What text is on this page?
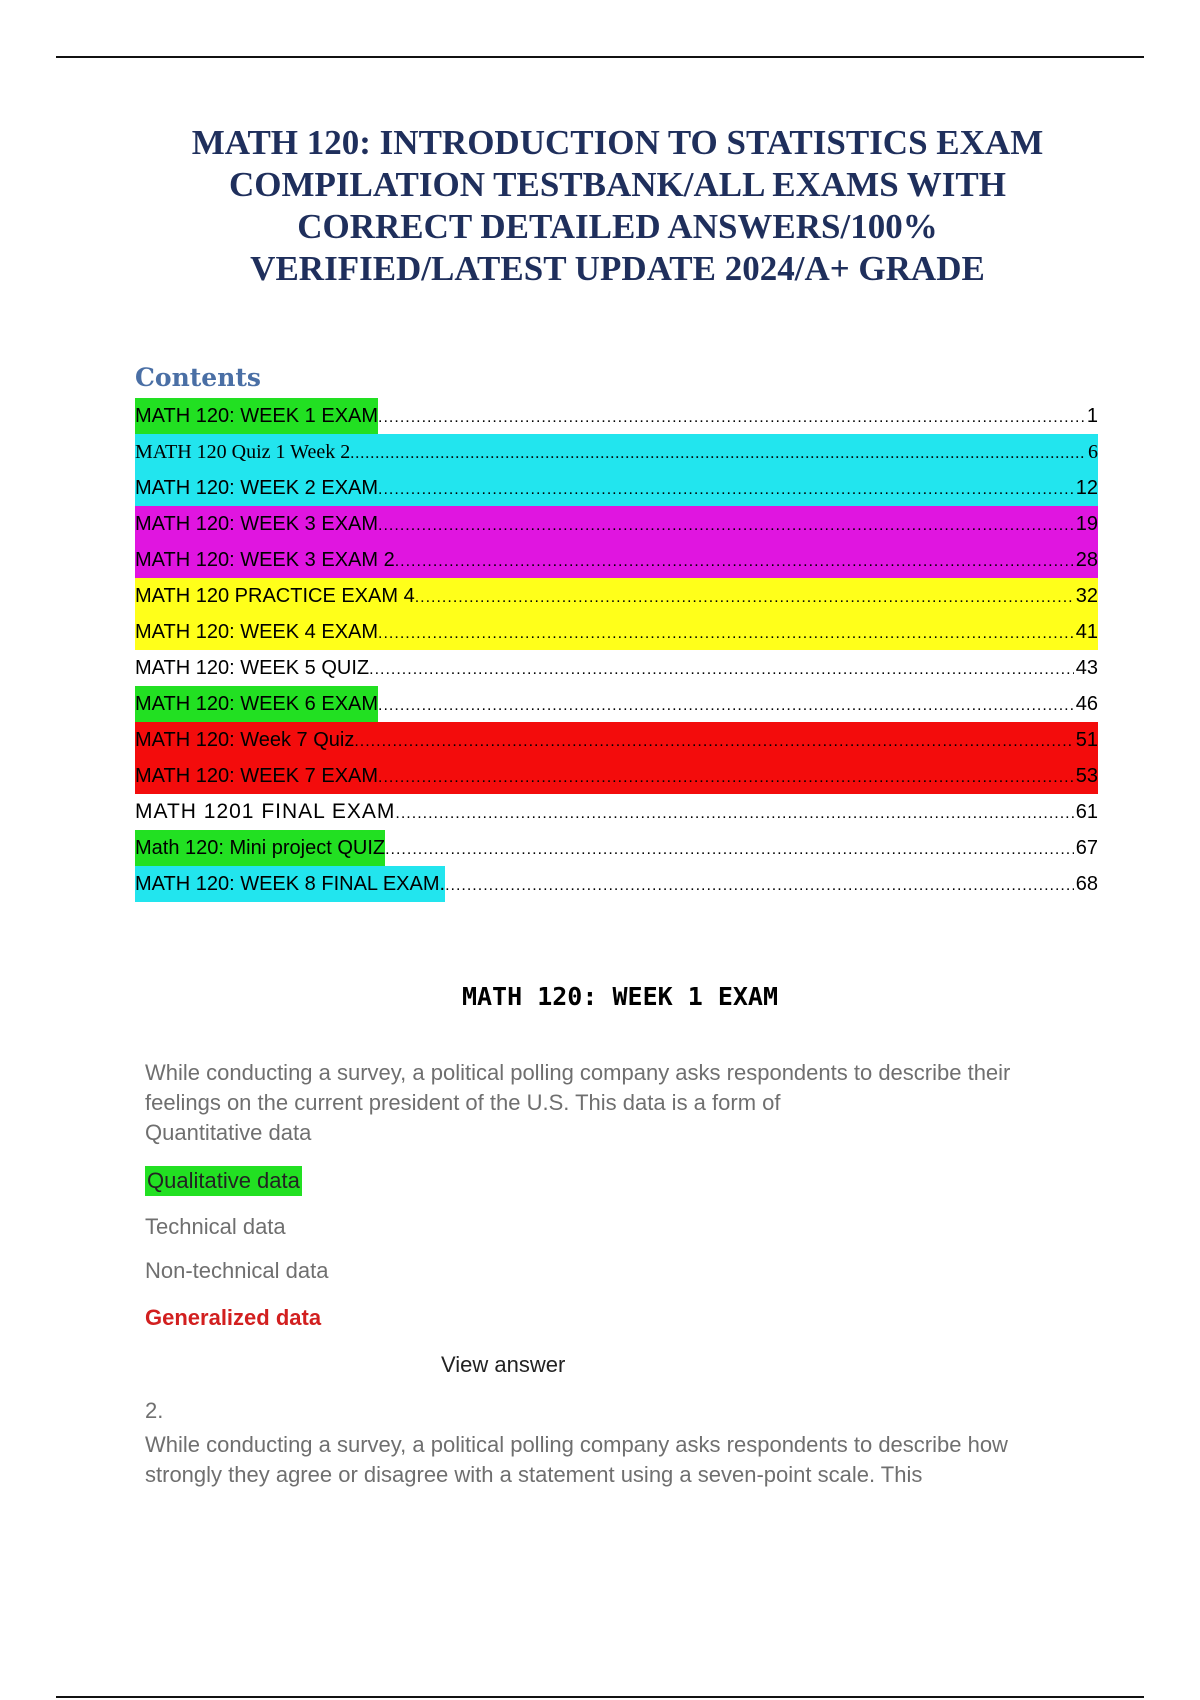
MATH 120: INTRODUCTION TO STATISTICS EXAM COMPILATION TESTBANK/ALL EXAMS WITH CORRECT DETAILED ANSWERS/100% VERIFIED/LATEST UPDATE 2024/A+ GRADE
Contents
MATH 120: WEEK 1 EXAM .....	1
MATH 120 Quiz 1 Week 2 .....	6
MATH 120: WEEK 2 EXAM .....	12
MATH 120: WEEK 3 EXAM .....	19
MATH 120: WEEK 3 EXAM 2 .....	28
MATH 120 PRACTICE EXAM 4 .....	32
MATH 120: WEEK 4 EXAM .....	41
MATH 120: WEEK 5 QUIZ .....	43
MATH 120: WEEK 6 EXAM .....	46
MATH 120: Week 7 Quiz .....	51
MATH 120: WEEK 7 EXAM .....	53
MATH 1201 FINAL EXAM .....	61
Math 120: Mini project QUIZ .....	67
MATH 120: WEEK 8 FINAL EXAM. .....	68
MATH 120: WEEK 1 EXAM

While conducting a survey, a political polling company asks respondents to describe their feelings on the current president of the U.S. This data is a form of
Quantitative data

Qualitative data
Technical data
Non-technical data
Generalized data
View answer
2.

While conducting a survey, a political polling company asks respondents to describe how strongly they agree or disagree with a statement using a seven-point scale. This
